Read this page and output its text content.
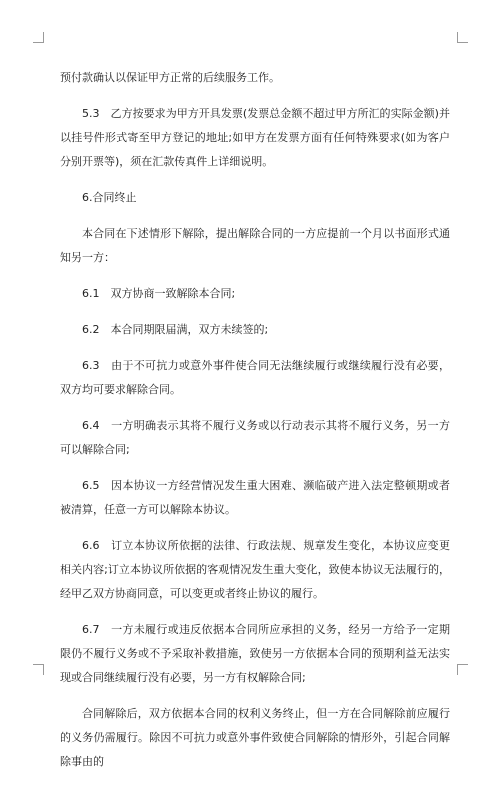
预付款确认以保证甲方正常的后续服务工作。

5.3　乙方按要求为甲方开具发票(发票总金额不超过甲方所汇的实际金额)并以挂号件形式寄至甲方登记的地址;如甲方在发票方面有任何特殊要求(如为客户分别开票等)，须在汇款传真件上详细说明。

6.合同终止

本合同在下述情形下解除，提出解除合同的一方应提前一个月以书面形式通知另一方：

6.1　双方协商一致解除本合同;

6.2　本合同期限届满，双方未续签的;

6.3　由于不可抗力或意外事件使合同无法继续履行或继续履行没有必要，双方均可要求解除合同。

6.4　一方明确表示其将不履行义务或以行动表示其将不履行义务，另一方可以解除合同;

6.5　因本协议一方经营情况发生重大困难、濒临破产进入法定整顿期或者被清算，任意一方可以解除本协议。

6.6　订立本协议所依据的法律、行政法规、规章发生变化，本协议应变更相关内容;订立本协议所依据的客观情况发生重大变化，致使本协议无法履行的，经甲乙双方协商同意，可以变更或者终止协议的履行。

6.7　一方未履行或违反依据本合同所应承担的义务，经另一方给予一定期限仍不履行义务或不予采取补救措施，致使另一方依据本合同的预期利益无法实现或合同继续履行没有必要，另一方有权解除合同;

合同解除后，双方依据本合同的权利义务终止，但一方在合同解除前应履行的义务仍需履行。除因不可抗力或意外事件致使合同解除的情形外，引起合同解除事由的
